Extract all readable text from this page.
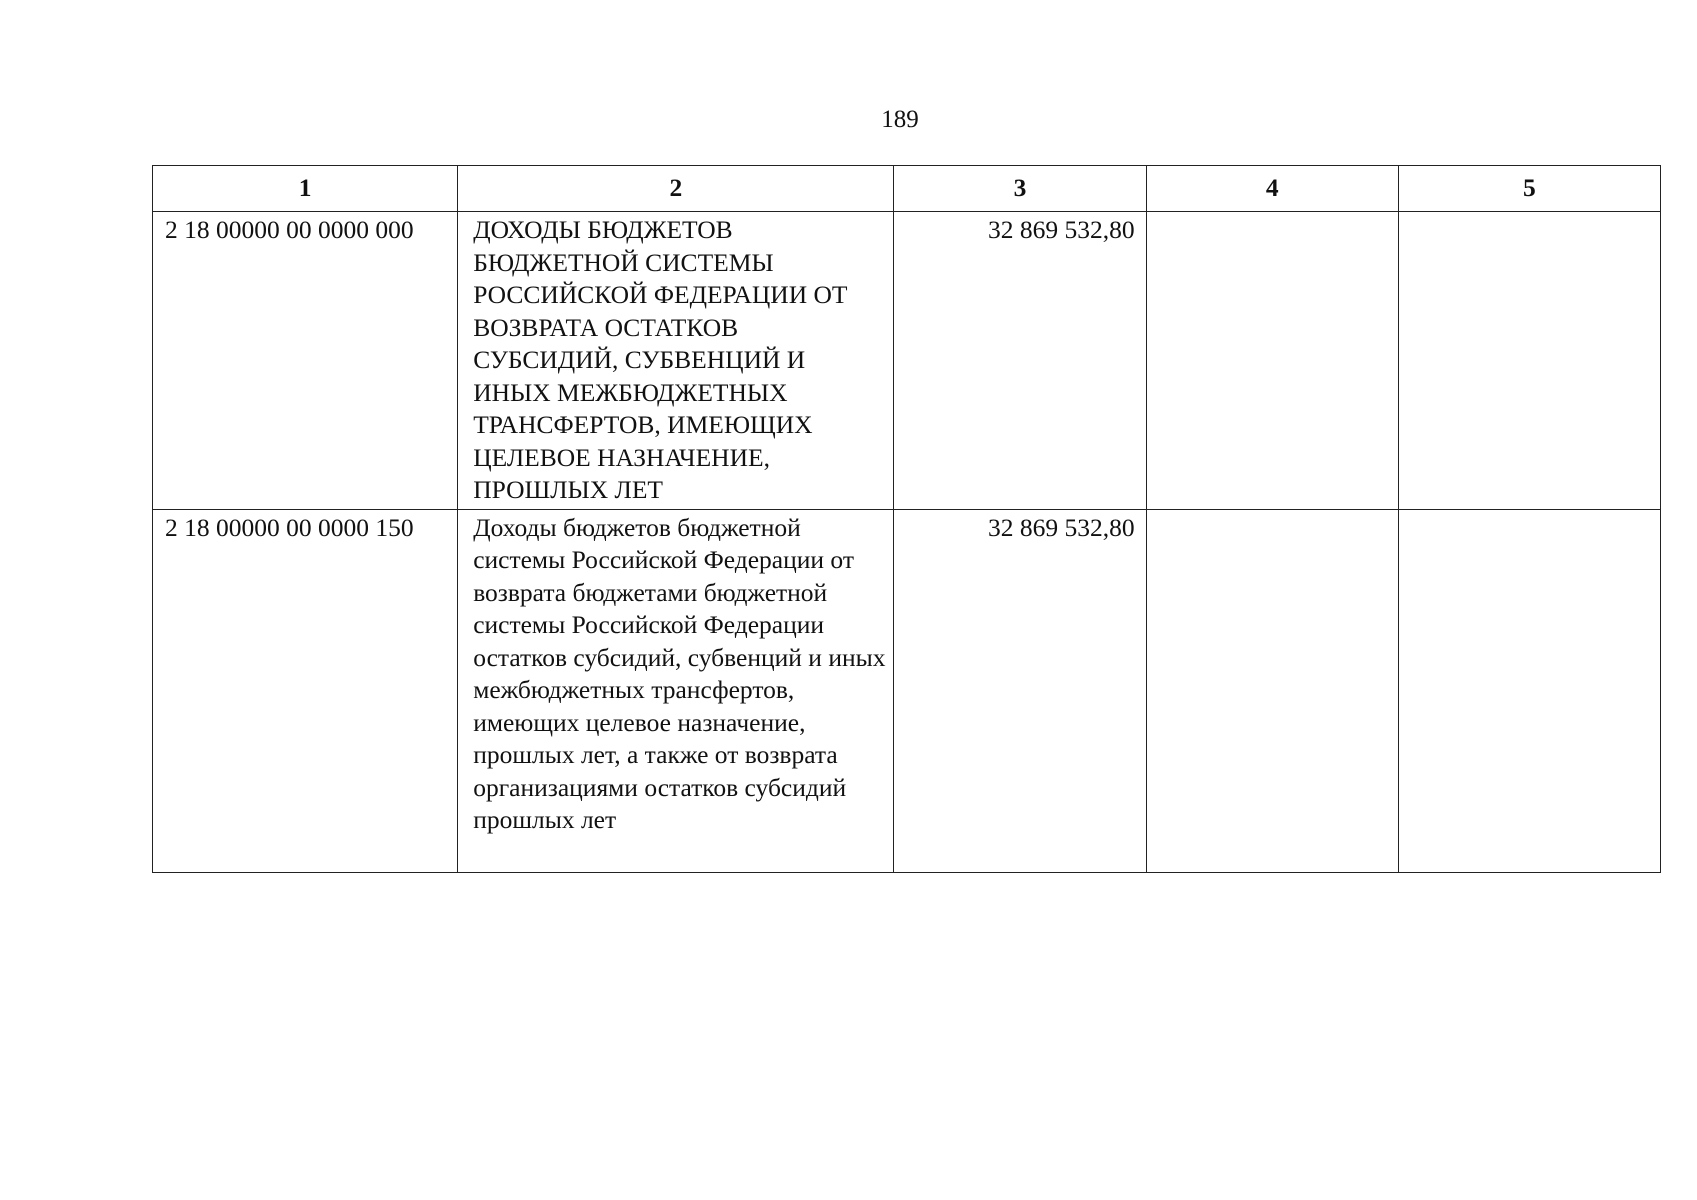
189
1	2	3	4	5
2 18 00000 00 0000 000	ДОХОДЫ БЮДЖЕТОВ БЮДЖЕТНОЙ СИСТЕМЫ РОССИЙСКОЙ ФЕДЕРАЦИИ ОТ ВОЗВРАТА ОСТАТКОВ СУБСИДИЙ, СУБВЕНЦИЙ И ИНЫХ МЕЖБЮДЖЕТНЫХ ТРАНСФЕРТОВ, ИМЕЮЩИХ ЦЕЛЕВОЕ НАЗНАЧЕНИЕ, ПРОШЛЫХ ЛЕТ	32 869 532,80		
2 18 00000 00 0000 150	Доходы бюджетов бюджетной системы Российской Федерации от возврата бюджетами бюджетной системы Российской Федерации остатков субсидий, субвенций и иных межбюджетных трансфертов, имеющих целевое назначение, прошлых лет, а также от возврата организациями остатков субсидий прошлых лет	32 869 532,80		
